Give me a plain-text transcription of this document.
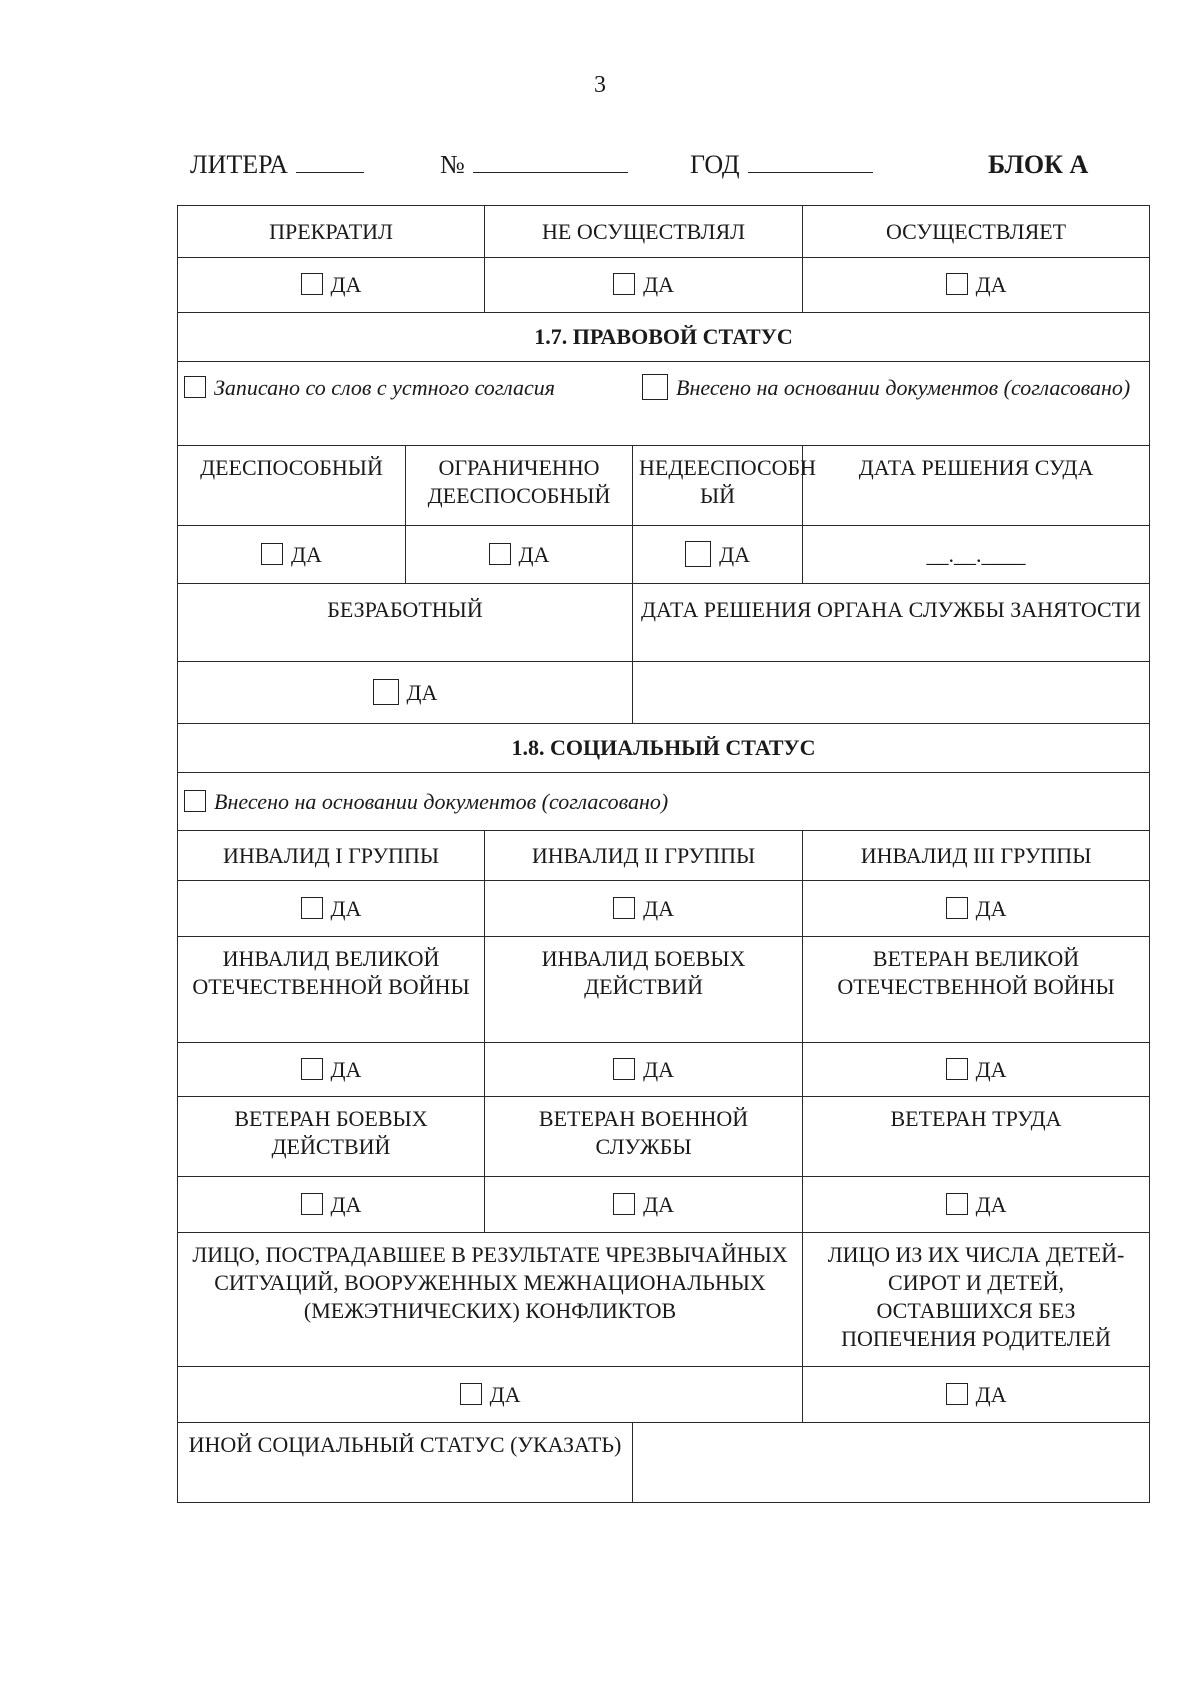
3
ЛИТЕРА	№	ГОД	БЛОК А
ПРЕКРАТИЛ		НЕ ОСУЩЕСТВЛЯЛ		ОСУЩЕСТВЛЯЕТ
ДА		ДА		ДА
1.7. ПРАВОВОЙ СТАТУС				

Записано со слов с устного согласия Внесено на основании документов (согласовано)				

ДЕЕСПОСОБНЫЙ	ОГРАНИЧЕННО ДЕЕСПОСОБНЫЙ		НЕДЕЕСПОСОБН ЫЙ	ДАТА РЕШЕНИЯ СУДА
ДА	ДА		ДА	__.__.____
БЕЗРАБОТНЫЙ			ДАТА РЕШЕНИЯ ОРГАНА СЛУЖБЫ ЗАНЯТОСТИ	
ДА				
1.8. СОЦИАЛЬНЫЙ СТАТУС				
Внесено на основании документов (согласовано)				
ИНВАЛИД I ГРУППЫ		ИНВАЛИД II ГРУППЫ		ИНВАЛИД III ГРУППЫ
ДА		ДА		ДА
ИНВАЛИД ВЕЛИКОЙ ОТЕЧЕСТВЕННОЙ ВОЙНЫ		ИНВАЛИД БОЕВЫХ ДЕЙСТВИЙ		ВЕТЕРАН ВЕЛИКОЙ ОТЕЧЕСТВЕННОЙ ВОЙНЫ
ДА		ДА		ДА
ВЕТЕРАН БОЕВЫХ ДЕЙСТВИЙ		ВЕТЕРАН ВОЕННОЙ СЛУЖБЫ		ВЕТЕРАН ТРУДА
ДА		ДА		ДА
ЛИЦО, ПОСТРАДАВШЕЕ В РЕЗУЛЬТАТЕ ЧРЕЗВЫЧАЙНЫХ СИТУАЦИЙ, ВООРУЖЕННЫХ МЕЖНАЦИОНАЛЬНЫХ (МЕЖЭТНИЧЕСКИХ) КОНФЛИКТОВ				ЛИЦО ИЗ ИХ ЧИСЛА ДЕТЕЙ-СИРОТ И ДЕТЕЙ, ОСТАВШИХСЯ БЕЗ ПОПЕЧЕНИЯ РОДИТЕЛЕЙ
ДА				ДА
ИНОЙ СОЦИАЛЬНЫЙ СТАТУС (УКАЗАТЬ)				
